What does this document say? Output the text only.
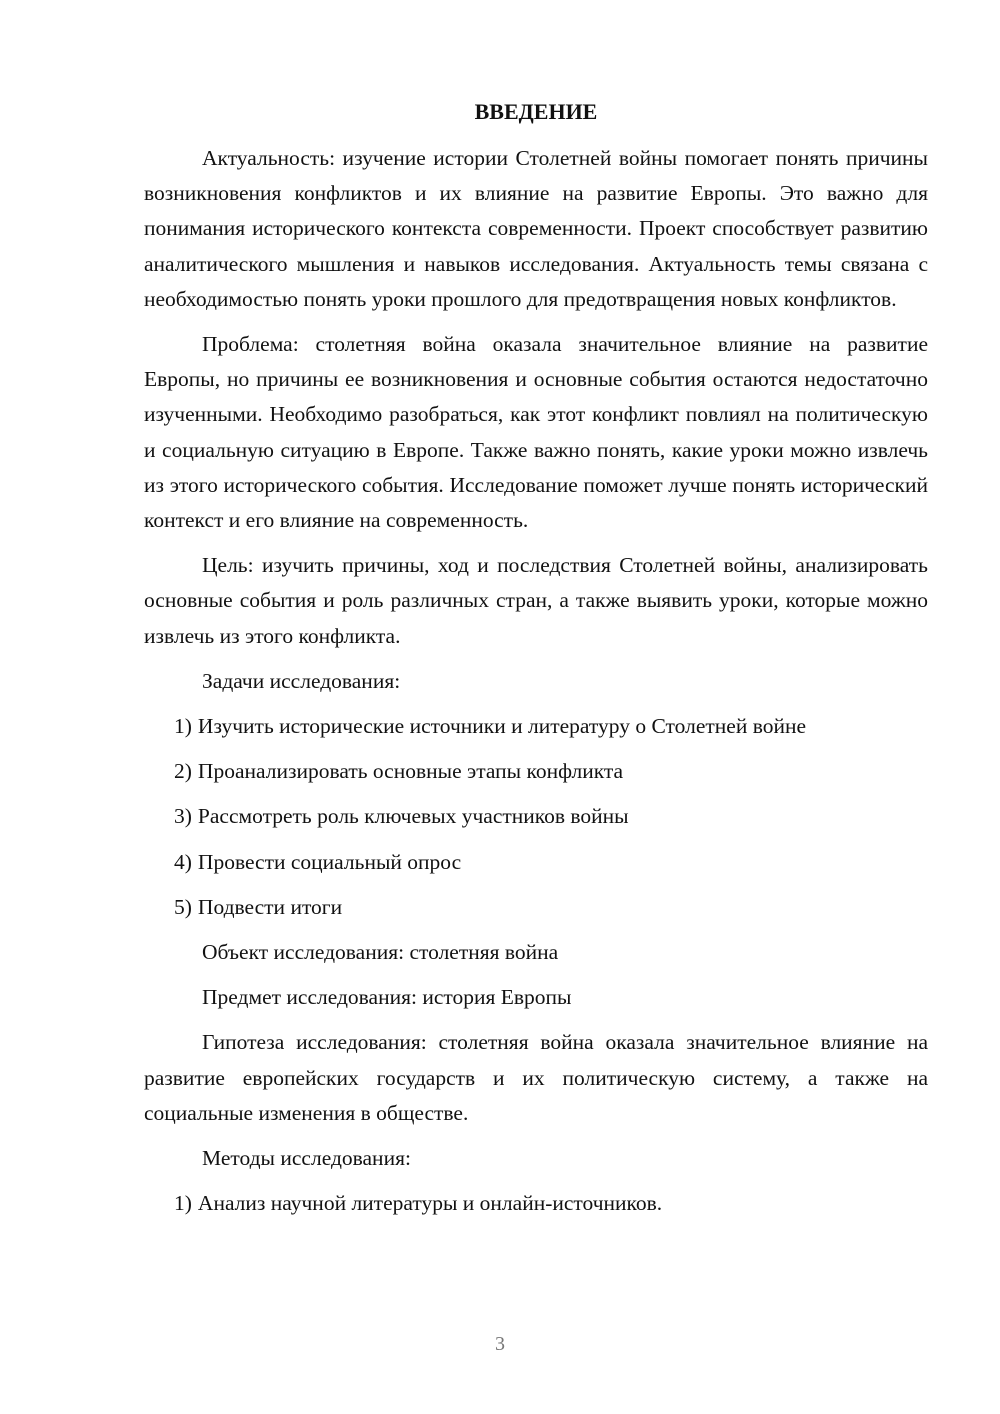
ВВЕДЕНИЕ

Актуальность: изучение истории Столетней войны помогает понять причины возникновения конфликтов и их влияние на развитие Европы. Это важно для понимания исторического контекста современности. Проект способствует развитию аналитического мышления и навыков исследования. Актуальность темы связана с необходимостью понять уроки прошлого для предотвращения новых конфликтов.

Проблема: столетняя война оказала значительное влияние на развитие Европы, но причины ее возникновения и основные события остаются недостаточно изученными. Необходимо разобраться, как этот конфликт повлиял на политическую и социальную ситуацию в Европе. Также важно понять, какие уроки можно извлечь из этого исторического события. Исследование поможет лучше понять исторический контекст и его влияние на современность.

Цель: изучить причины, ход и последствия Столетней войны, анализировать основные события и роль различных стран, а также выявить уроки, которые можно извлечь из этого конфликта.

Задачи исследования:

1) Изучить исторические источники и литературу о Столетней войне
2) Проанализировать основные этапы конфликта
3) Рассмотреть роль ключевых участников войны
4) Провести социальный опрос
5) Подвести итоги

Объект исследования: столетняя война

Предмет исследования: история Европы

Гипотеза исследования: столетняя война оказала значительное влияние на развитие европейских государств и их политическую систему, а также на социальные изменения в обществе.

Методы исследования:

1) Анализ научной литературы и онлайн-источников.
3
